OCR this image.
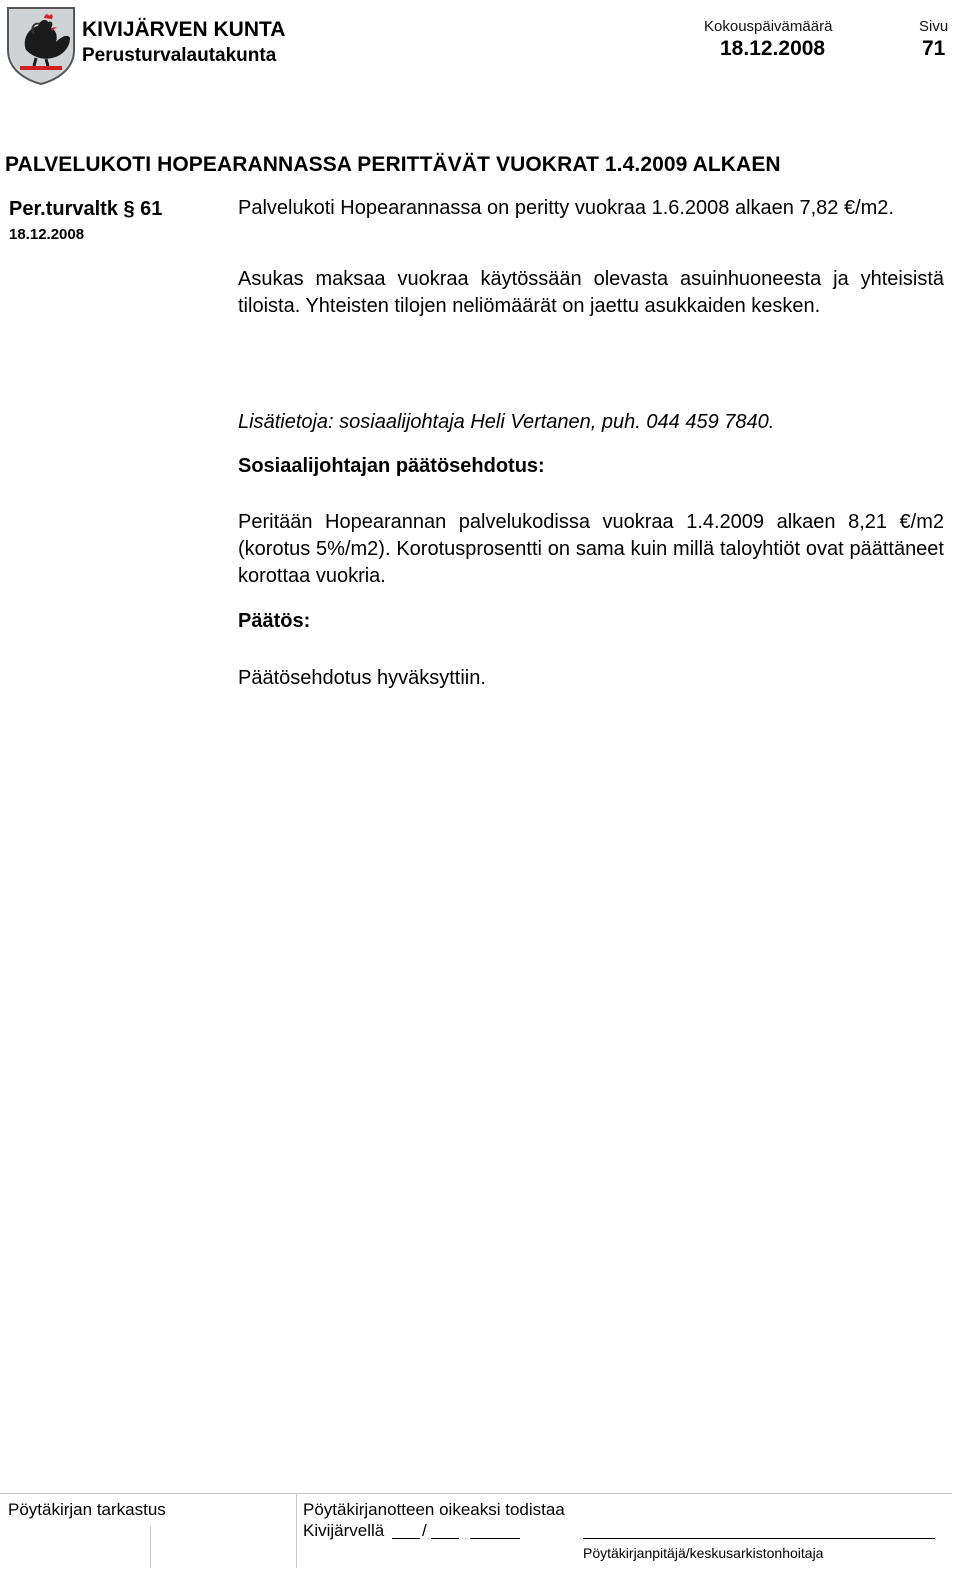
KIVIJÄRVEN KUNTA
Perusturvalautakunta
Kokouspäivämäärä
18.12.2008
Sivu
71
PALVELUKOTI HOPEARANNASSA PERITTÄVÄT VUOKRAT 1.4.2009 ALKAEN
Per.turvaltk § 61
18.12.2008
Palvelukoti Hopearannassa on peritty vuokraa 1.6.2008 alkaen 7,82 €/m2.
Asukas maksaa vuokraa käytössään olevasta asuinhuoneesta ja yhteisistä tiloista. Yhteisten tilojen neliömäärät on jaettu asukkaiden kesken.
Lisätietoja: sosiaalijohtaja Heli Vertanen, puh. 044 459 7840.
Sosiaalijohtajan päätösehdotus:
Peritään Hopearannan palvelukodissa vuokraa 1.4.2009 alkaen 8,21 €/m2 (korotus 5%/m2). Korotusprosentti on sama kuin millä taloyhtiöt ovat päättäneet korottaa vuokria.
Päätös:
Päätösehdotus hyväksyttiin.
Pöytäkirjan tarkastus	Pöytäkirjanotteen oikeaksi todistaa
Kivijärvellä /
Pöytäkirjanpitäjä/keskusarkistonhoitaja
